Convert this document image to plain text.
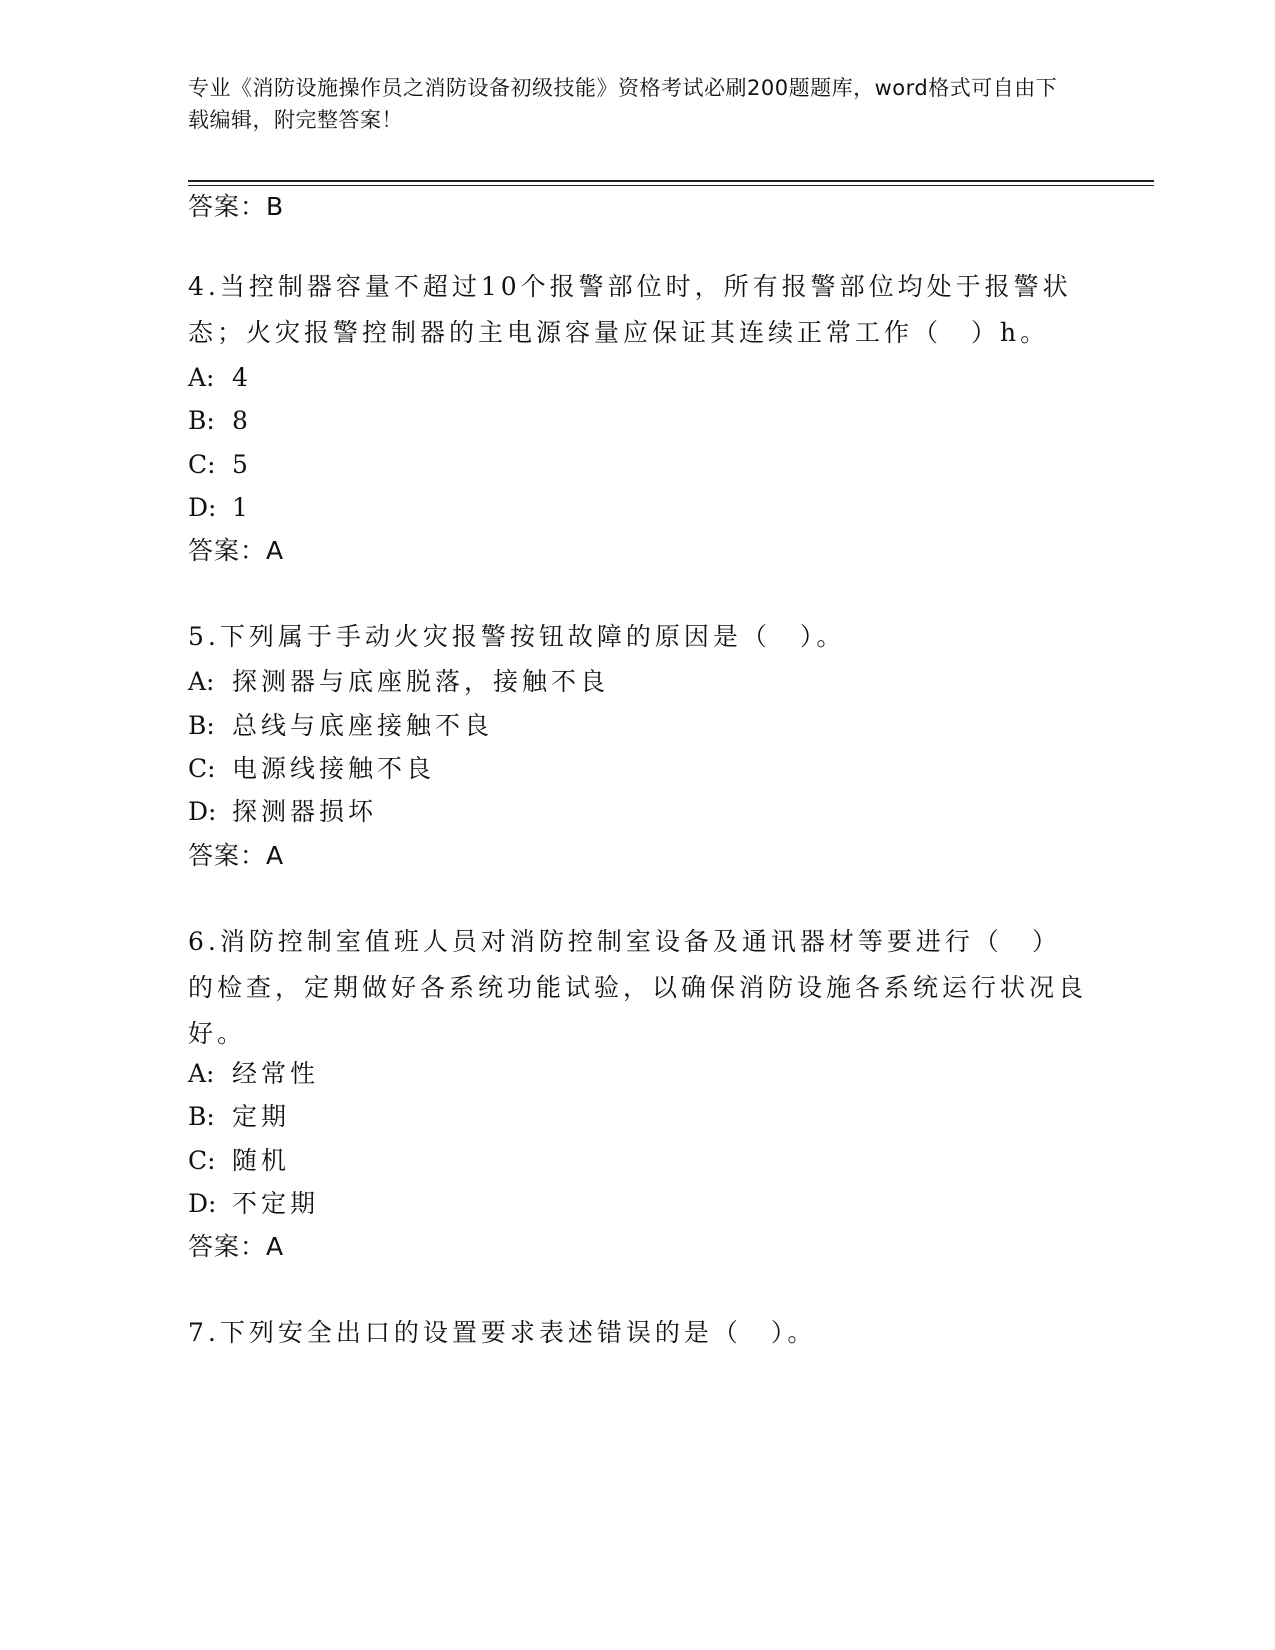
专业《消防设施操作员之消防设备初级技能》资格考试必刷200题题库，word格式可自由下载编辑，附完整答案！
答案：B
4.当控制器容量不超过10个报警部位时，所有报警部位均处于报警状态；火灾报警控制器的主电源容量应保证其连续正常工作（　）h。
A: 4
B: 8
C: 5
D: 1
答案：A
5.下列属于手动火灾报警按钮故障的原因是（　）。
A: 探测器与底座脱落，接触不良
B: 总线与底座接触不良
C: 电源线接触不良
D: 探测器损坏
答案：A
6.消防控制室值班人员对消防控制室设备及通讯器材等要进行（　）的检查，定期做好各系统功能试验，以确保消防设施各系统运行状况良好。
A: 经常性
B: 定期
C: 随机
D: 不定期
答案：A
7.下列安全出口的设置要求表述错误的是（　）。
